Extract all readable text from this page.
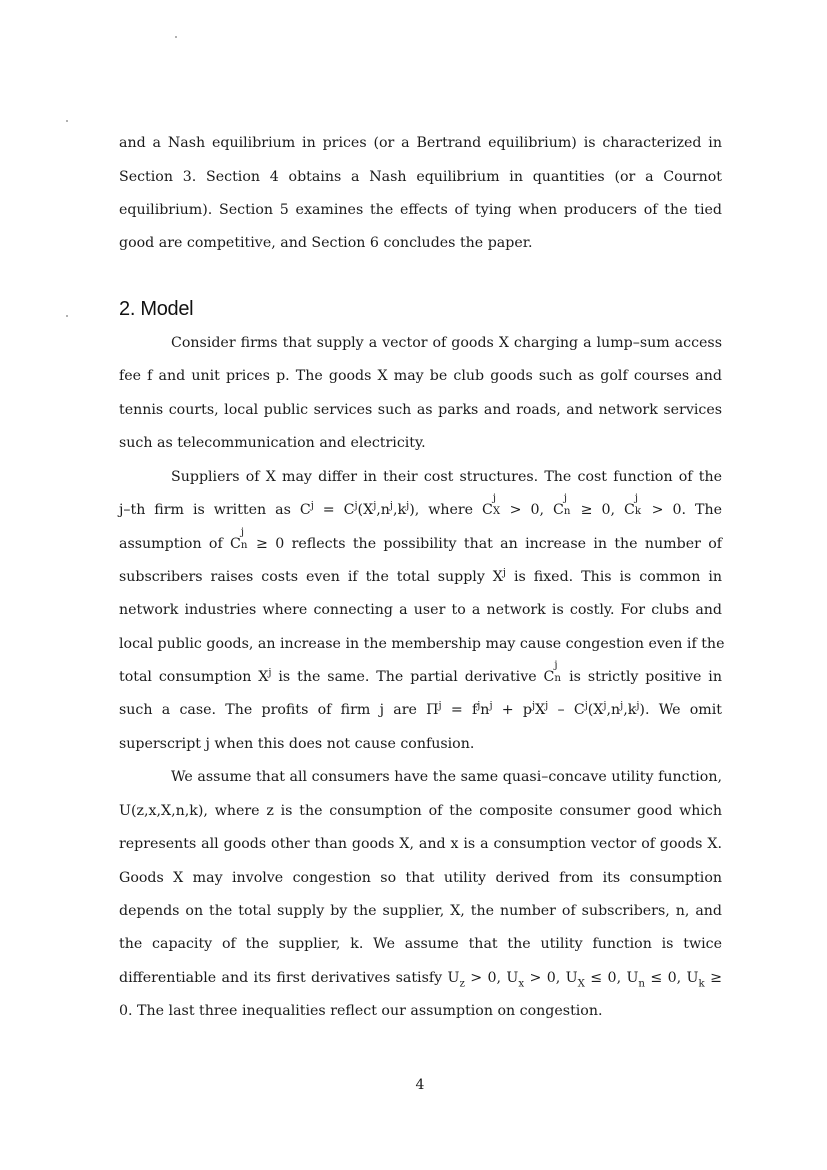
and a Nash equilibrium in prices (or a Bertrand equilibrium) is characterized in
Section 3. Section 4 obtains a Nash equilibrium in quantities (or a Cournot
equilibrium). Section 5 examines the effects of tying when producers of the tied
good are competitive, and Section 6 concludes the paper.
2. Model
Consider firms that supply a vector of goods X charging a lump–sum access
fee f and unit prices p. The goods X may be club goods such as golf courses and
tennis courts, local public services such as parks and roads, and network services
such as telecommunication and electricity.
Suppliers of X may differ in their cost structures. The cost function of the
j–th firm is written as $C^j = C^j(X^j,n^j,k^j)$, where C
j
X > 0, C
j
n ≥ 0, C
j
k > 0. The
assumption of C
j
n ≥ 0 reflects the possibility that an increase in the number of
subscribers raises costs even if the total supply $X^j$ is fixed. This is common in
network industries where connecting a user to a network is costly. For clubs and
local public goods, an increase in the membership may cause congestion even if the
total consumption $X^j$ is the same. The partial derivative C
j
n is strictly positive in
such a case. The profits of firm j are $\Pi^j = f^jn^j + p^jX^j - C^j(X^j,n^j,k^j)$. We omit
superscript j when this does not cause confusion.
We assume that all consumers have the same quasi–concave utility function,
U(z,x,X,n,k), where z is the consumption of the composite consumer good which
represents all goods other than goods X, and x is a consumption vector of goods X.
Goods X may involve congestion so that utility derived from its consumption
depends on the total supply by the supplier, X, the number of subscribers, n, and
the capacity of the supplier, k. We assume that the utility function is twice
differentiable and its first derivatives satisfy $U_z > 0$, $U_x > 0$, $U_X \le 0$, $U_n \le 0$, $U_k$ ≥
0. The last three inequalities reflect our assumption on congestion.
4
